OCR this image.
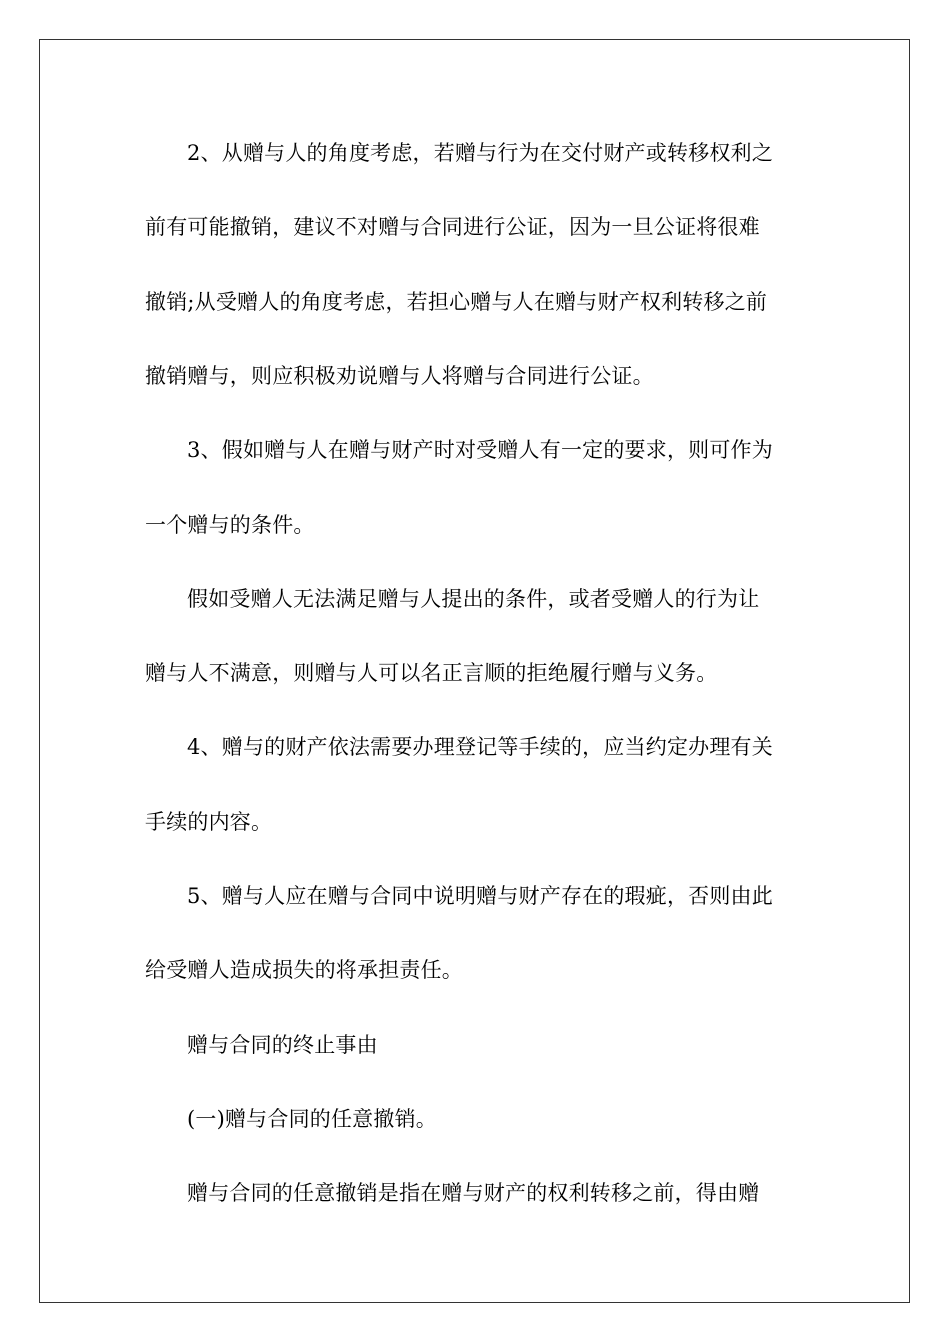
2、从赠与人的角度考虑，若赠与行为在交付财产或转移权利之
前有可能撤销，建议不对赠与合同进行公证，因为一旦公证将很难
撤销;从受赠人的角度考虑，若担心赠与人在赠与财产权利转移之前
撤销赠与，则应积极劝说赠与人将赠与合同进行公证。
3、假如赠与人在赠与财产时对受赠人有一定的要求，则可作为
一个赠与的条件。
假如受赠人无法满足赠与人提出的条件，或者受赠人的行为让
赠与人不满意，则赠与人可以名正言顺的拒绝履行赠与义务。
4、赠与的财产依法需要办理登记等手续的，应当约定办理有关
手续的内容。
5、赠与人应在赠与合同中说明赠与财产存在的瑕疵，否则由此
给受赠人造成损失的将承担责任。
赠与合同的终止事由
(一)赠与合同的任意撤销。
赠与合同的任意撤销是指在赠与财产的权利转移之前，得由赠
